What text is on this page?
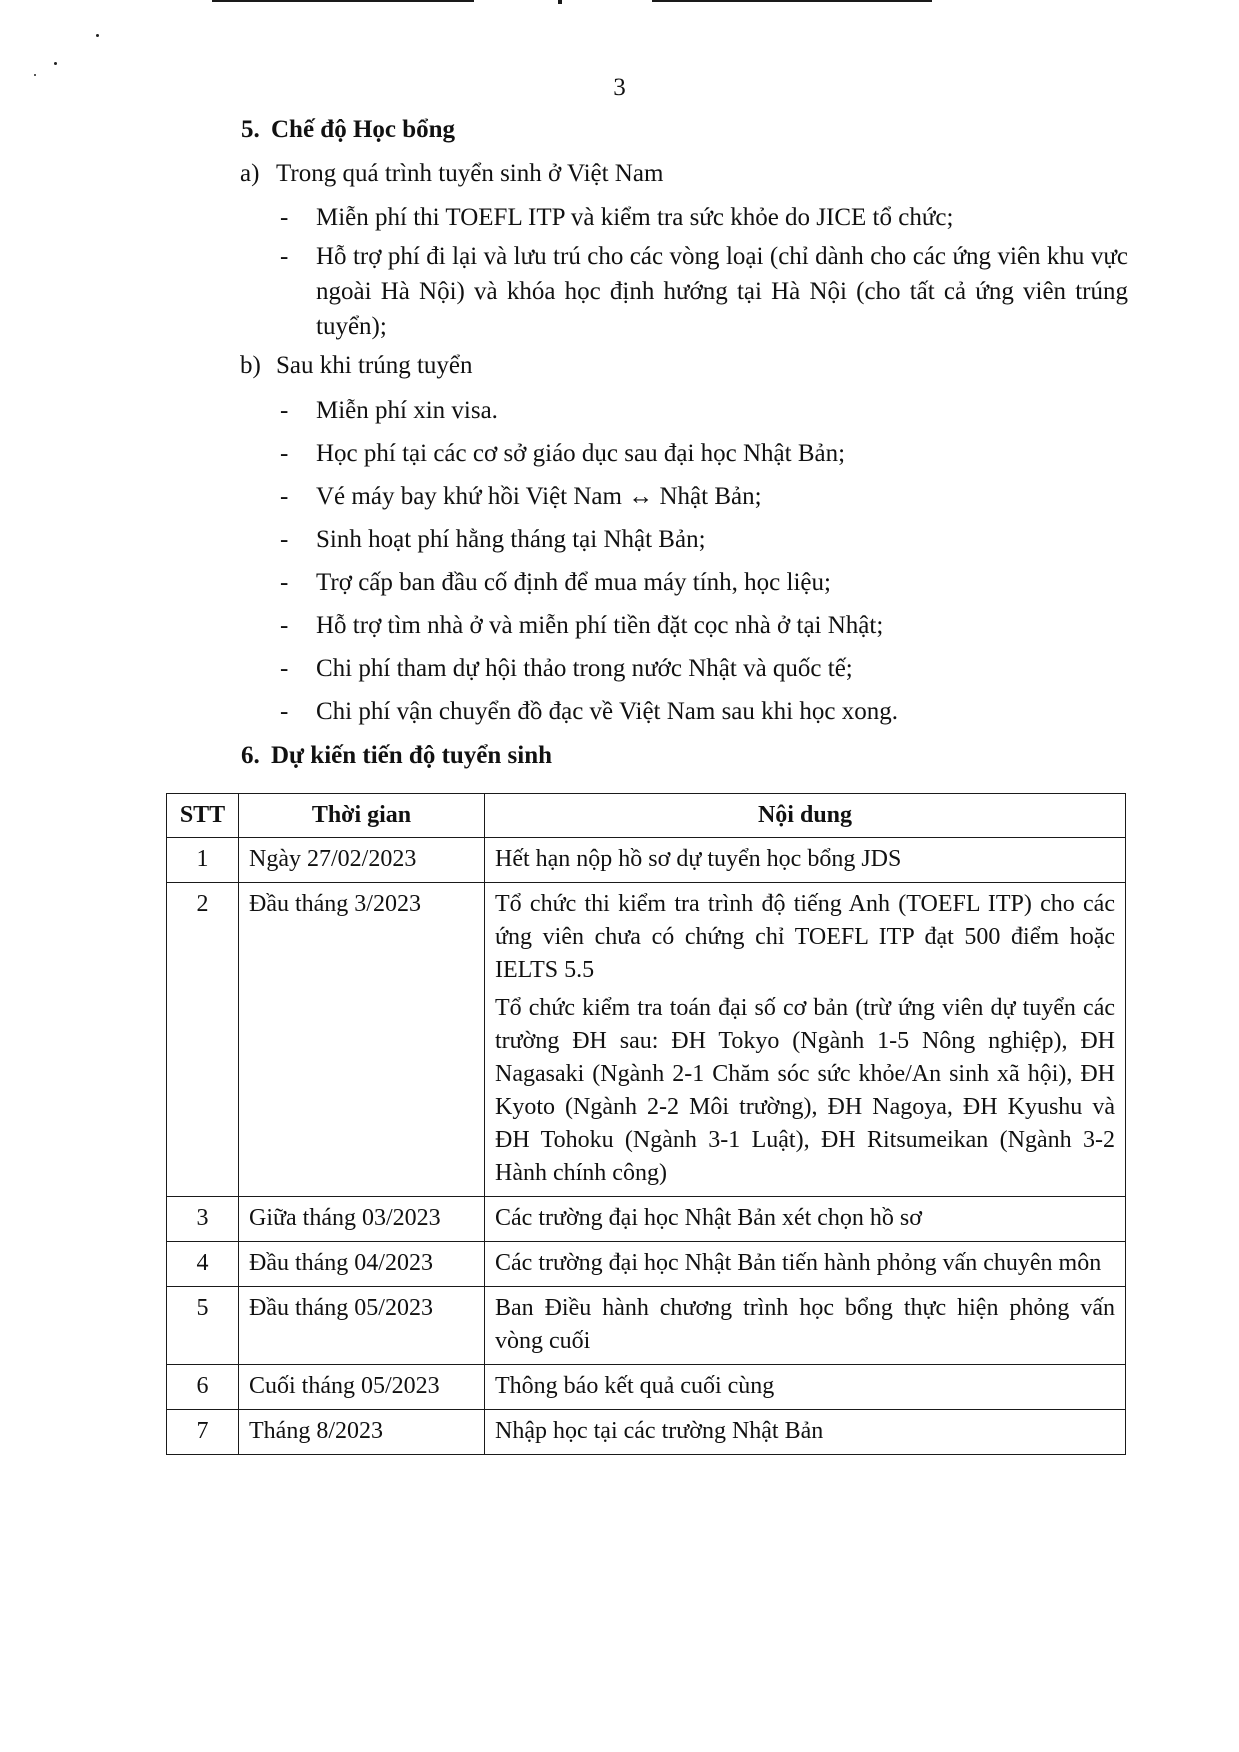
3
5. Chế độ Học bổng
a) Trong quá trình tuyển sinh ở Việt Nam
- Miễn phí thi TOEFL ITP và kiểm tra sức khỏe do JICE tổ chức;
- Hỗ trợ phí đi lại và lưu trú cho các vòng loại (chỉ dành cho các ứng viên khu vực ngoài Hà Nội) và khóa học định hướng tại Hà Nội (cho tất cả ứng viên trúng tuyển);
b) Sau khi trúng tuyển
- Miễn phí xin visa.
- Học phí tại các cơ sở giáo dục sau đại học Nhật Bản;
- Vé máy bay khứ hồi Việt Nam ↔ Nhật Bản;
- Sinh hoạt phí hằng tháng tại Nhật Bản;
- Trợ cấp ban đầu cố định để mua máy tính, học liệu;
- Hỗ trợ tìm nhà ở và miễn phí tiền đặt cọc nhà ở tại Nhật;
- Chi phí tham dự hội thảo trong nước Nhật và quốc tế;
- Chi phí vận chuyển đồ đạc về Việt Nam sau khi học xong.
6. Dự kiến tiến độ tuyển sinh
STT	Thời gian	Nội dung
1	Ngày 27/02/2023	Hết hạn nộp hồ sơ dự tuyển học bổng JDS

2	Đầu tháng 3/2023	Tổ chức thi kiểm tra trình độ tiếng Anh (TOEFL ITP) cho các ứng viên chưa có chứng chỉ TOEFL ITP đạt 500 điểm hoặc IELTS 5.5

Tổ chức kiểm tra toán đại số cơ bản (trừ ứng viên dự tuyển các trường ĐH sau: ĐH Tokyo (Ngành 1-5 Nông nghiệp), ĐH Nagasaki (Ngành 2-1 Chăm sóc sức khỏe/An sinh xã hội), ĐH Kyoto (Ngành 2-2 Môi trường), ĐH Nagoya, ĐH Kyushu và ĐH Tohoku (Ngành 3-1 Luật), ĐH Ritsumeikan (Ngành 3-2 Hành chính công)

3	Giữa tháng 03/2023	Các trường đại học Nhật Bản xét chọn hồ sơ

4	Đầu tháng 04/2023	Các trường đại học Nhật Bản tiến hành phỏng vấn chuyên môn

5	Đầu tháng 05/2023	Ban Điều hành chương trình học bổng thực hiện phỏng vấn vòng cuối

6	Cuối tháng 05/2023	Thông báo kết quả cuối cùng

7	Tháng 8/2023	Nhập học tại các trường Nhật Bản
